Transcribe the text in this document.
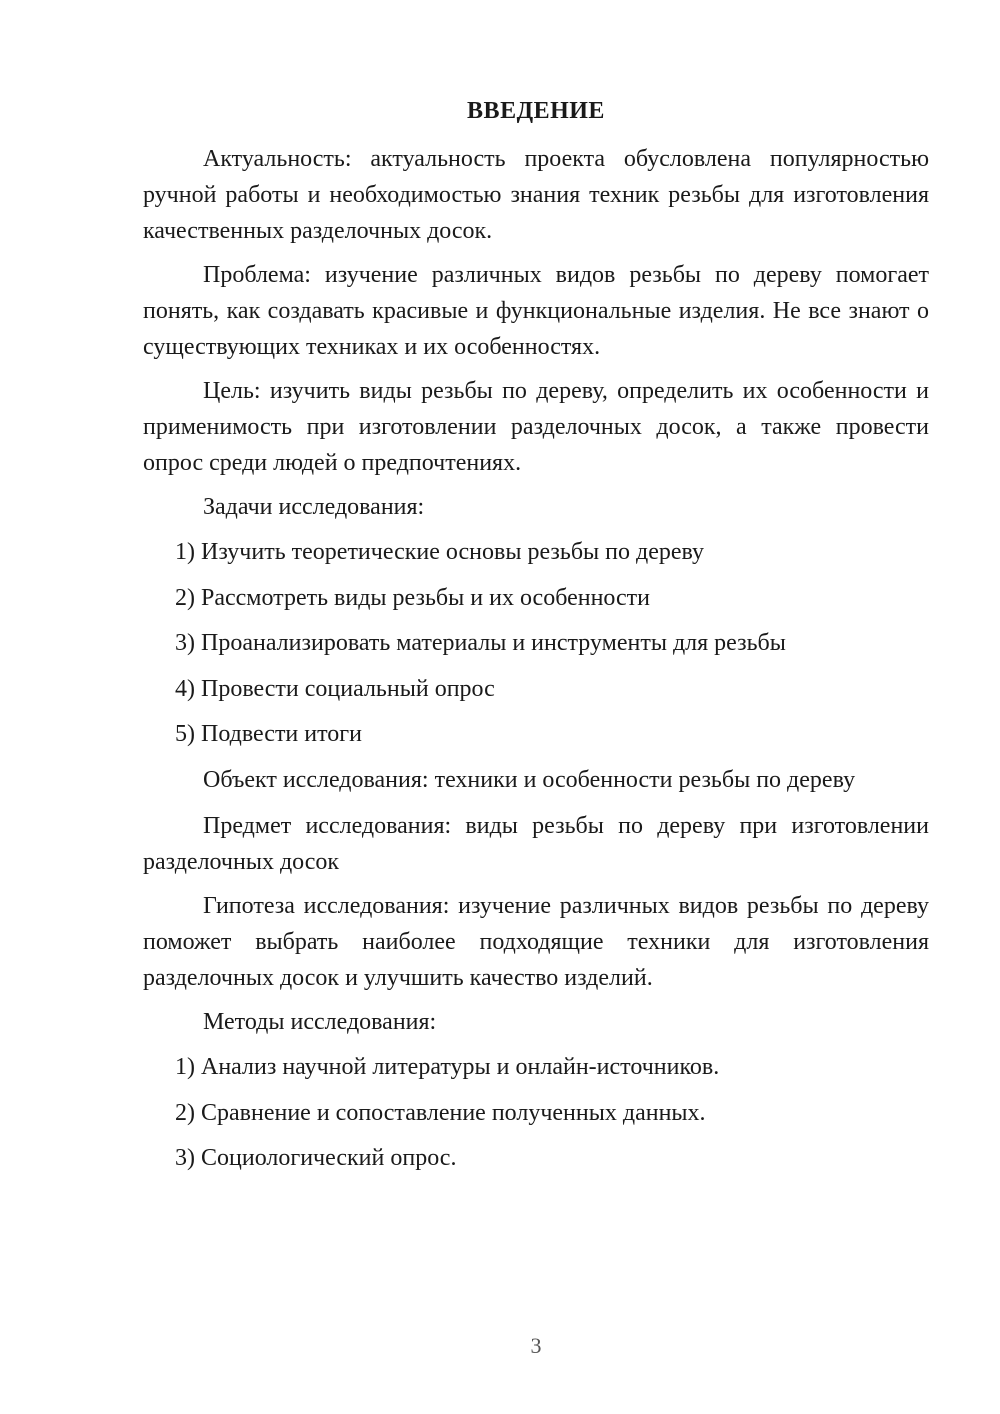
ВВЕДЕНИЕ

Актуальность: актуальность проекта обусловлена популярностью ручной работы и необходимостью знания техник резьбы для изготовления качественных разделочных досок.

Проблема: изучение различных видов резьбы по дереву помогает понять, как создавать красивые и функциональные изделия. Не все знают о существующих техниках и их особенностях.

Цель: изучить виды резьбы по дереву, определить их особенности и применимость при изготовлении разделочных досок, а также провести опрос среди людей о предпочтениях.

Задачи исследования:

1) Изучить теоретические основы резьбы по дереву

2) Рассмотреть виды резьбы и их особенности

3) Проанализировать материалы и инструменты для резьбы

4) Провести социальный опрос

5) Подвести итоги

Объект исследования: техники и особенности резьбы по дереву

Предмет исследования: виды резьбы по дереву при изготовлении разделочных досок

Гипотеза исследования: изучение различных видов резьбы по дереву поможет выбрать наиболее подходящие техники для изготовления разделочных досок и улучшить качество изделий.

Методы исследования:

1) Анализ научной литературы и онлайн-источников.

2) Сравнение и сопоставление полученных данных.

3) Социологический опрос.

3
